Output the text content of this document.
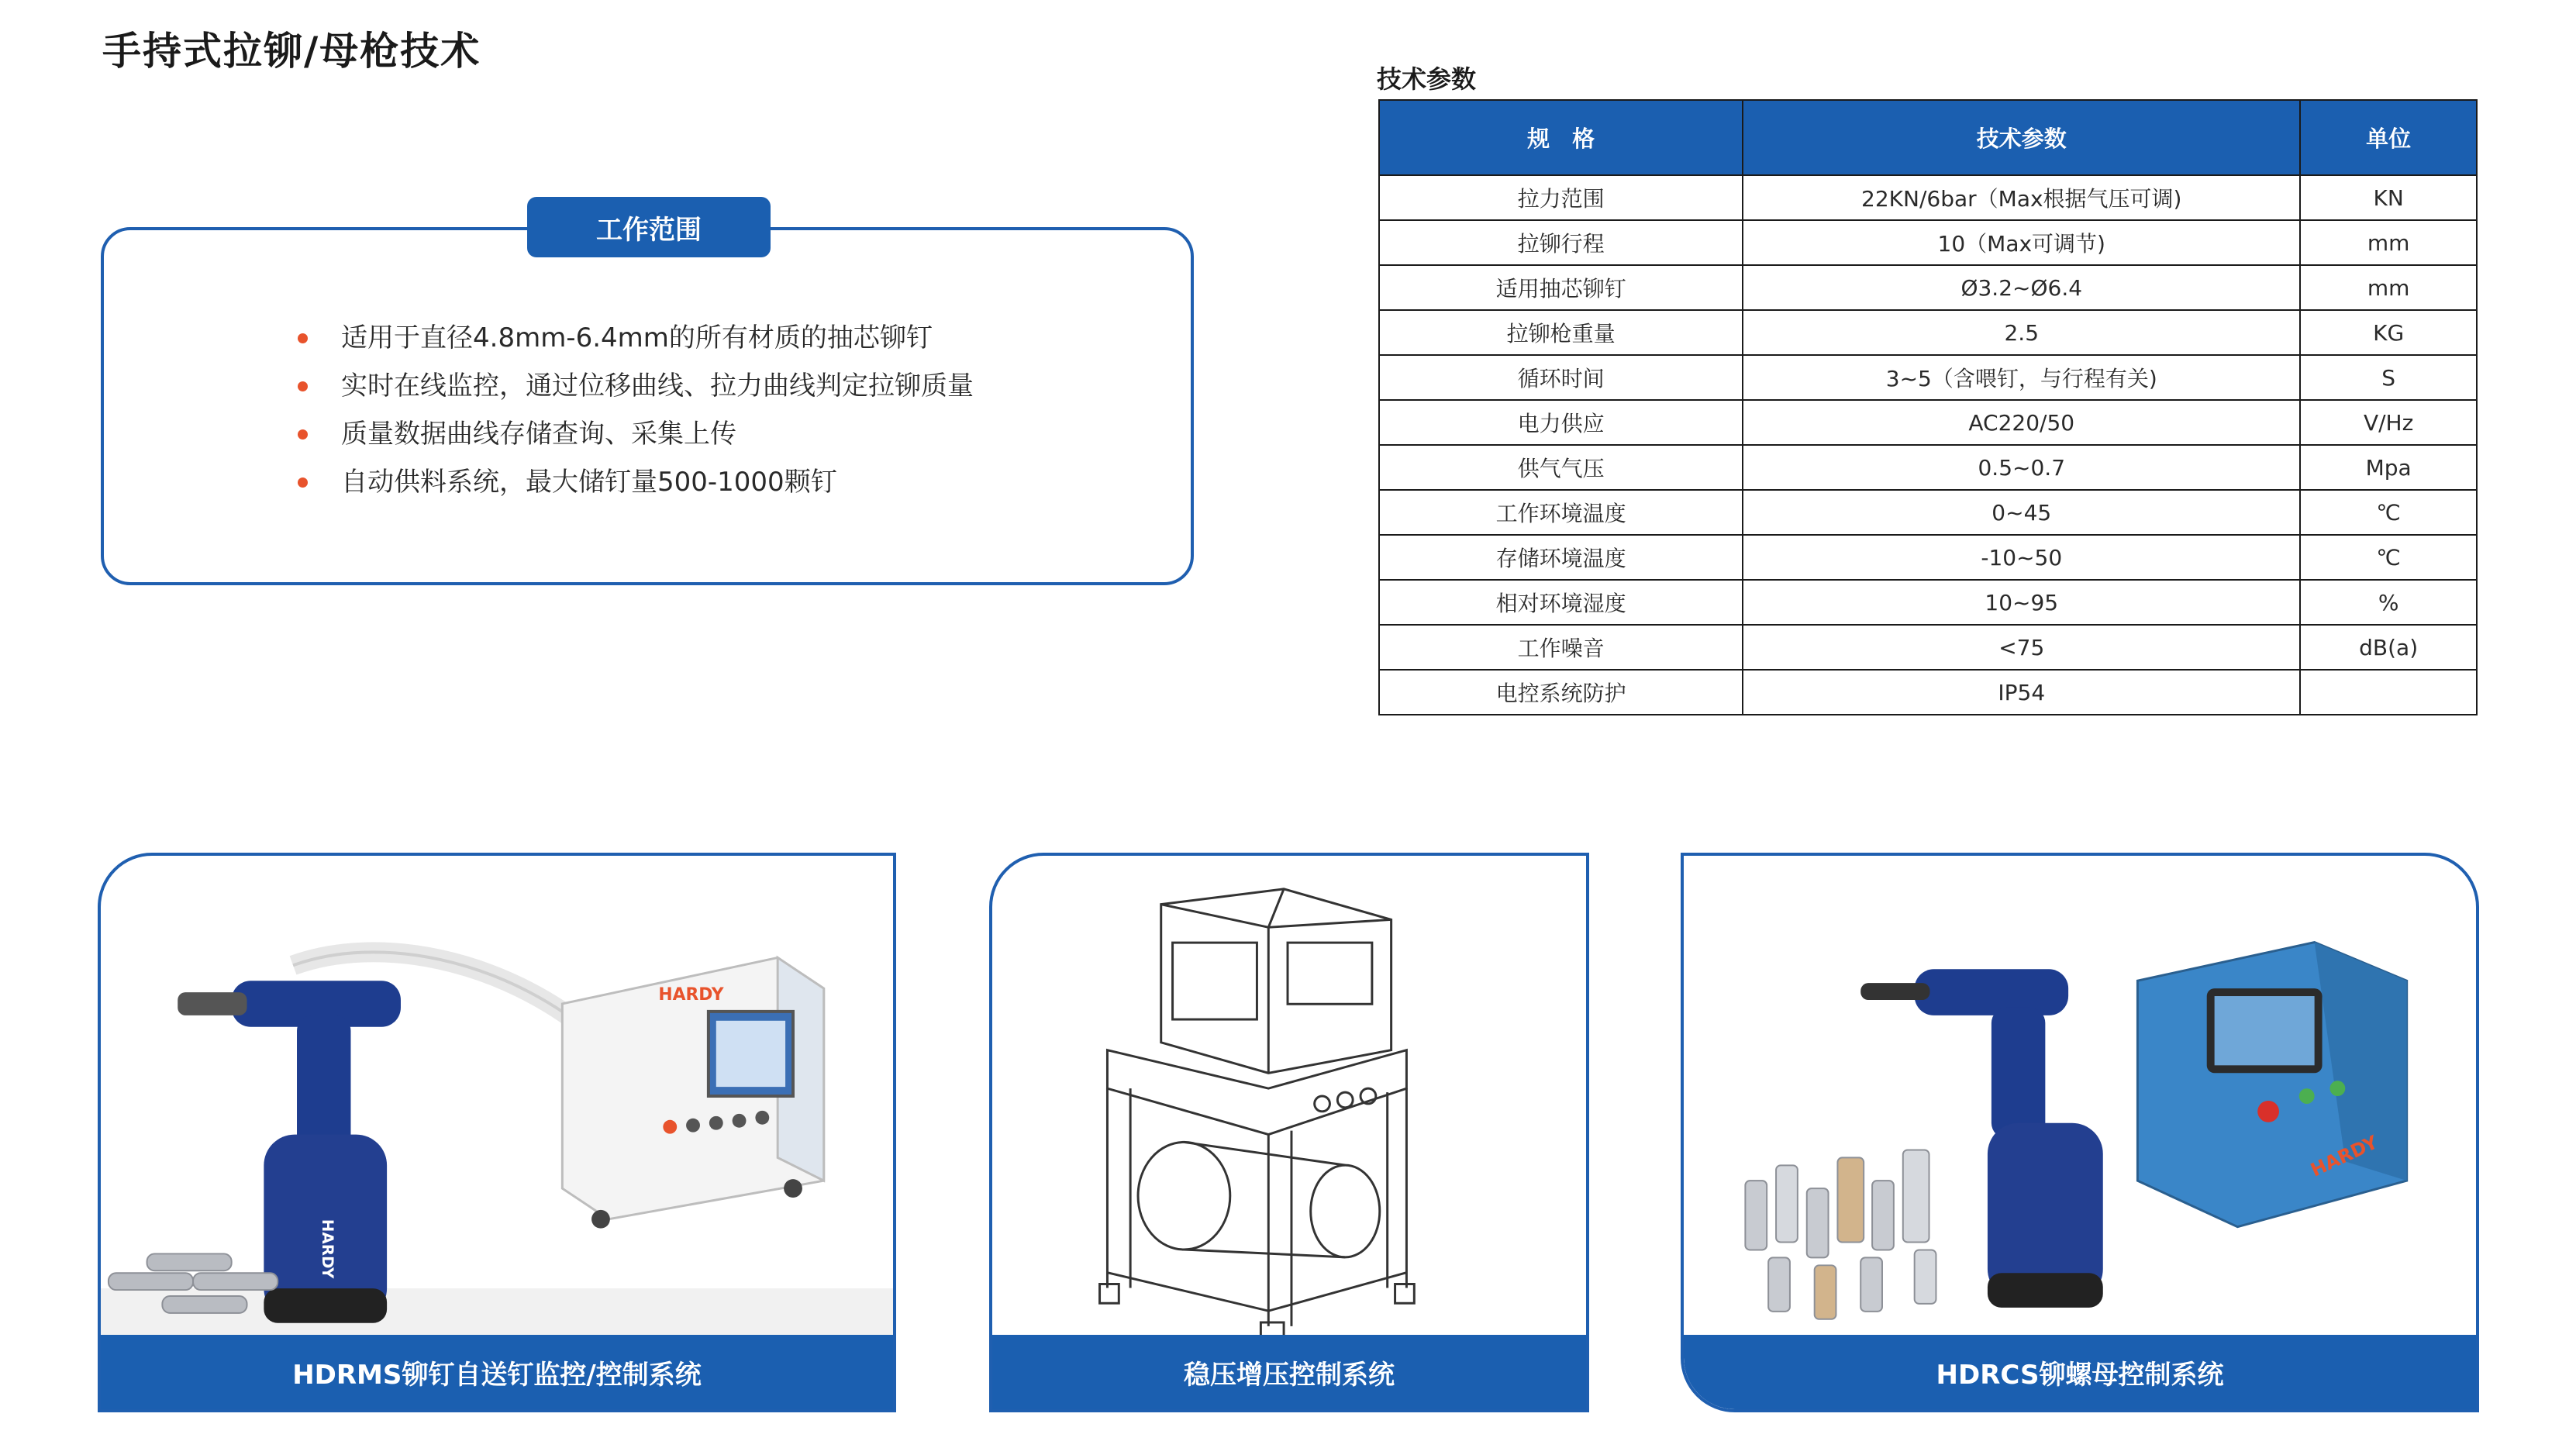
手持式拉铆/母枪技术
工作范围
适用于直径4.8mm-6.4mm的所有材质的抽芯铆钉
实时在线监控，通过位移曲线、拉力曲线判定拉铆质量
质量数据曲线存储查询、采集上传
自动供料系统，最大储钉量500-1000颗钉
技术参数
规　格	技术参数	单位
拉力范围	22KN/6bar（Max根据气压可调)	KN
拉铆行程	10（Max可调节)	mm
适用抽芯铆钉	Ø3.2~Ø6.4	mm
拉铆枪重量	2.5	KG
循环时间	3~5（含喂钉，与行程有关)	S
电力供应	AC220/50	V/Hz
供气气压	0.5~0.7	Mpa
工作环境温度	0~45	℃
存储环境温度	-10~50	℃
相对环境湿度	10~95	%
工作噪音	<75	dB(a)
电控系统防护	IP54	
HARDY
HARDY
HDRMS铆钉自送钉监控/控制系统	稳压增压控制系统
HARDY
HDRCS铆螺母控制系统
